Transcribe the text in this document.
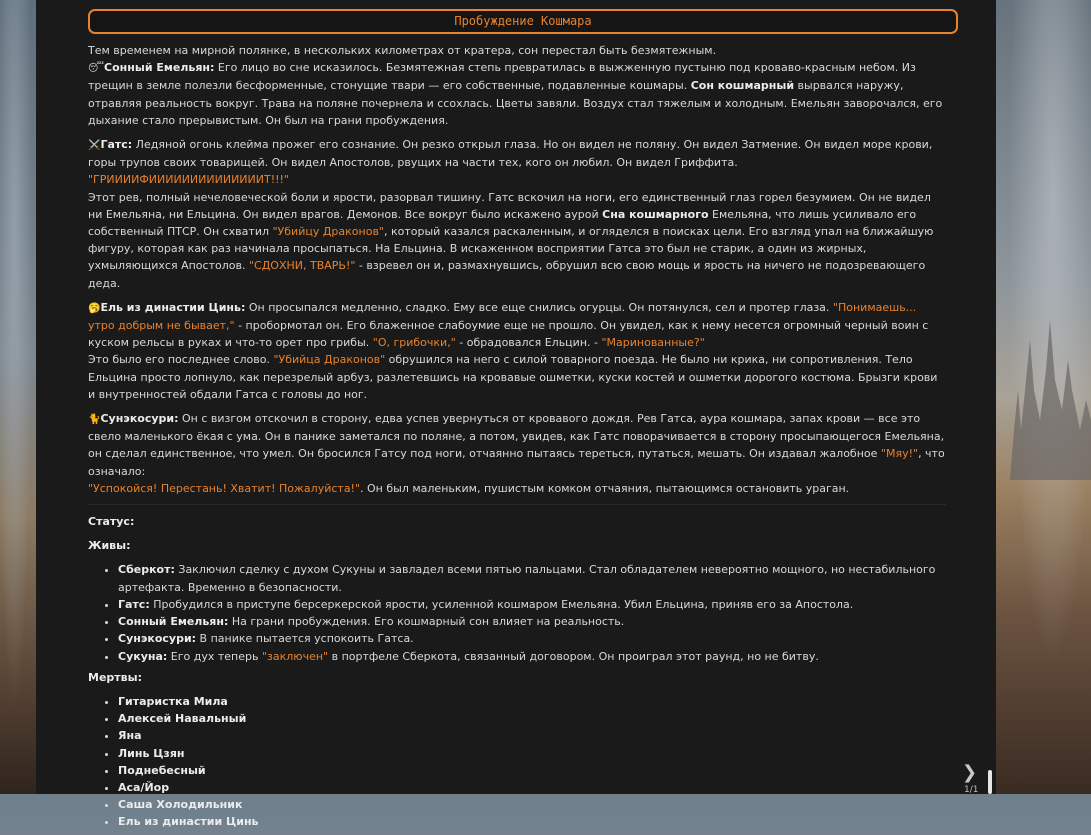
Пробуждение Кошмара

Тем временем на мирной полянке, в нескольких километрах от кратера, сон перестал быть безмятежным.
😴Сонный Емельян: Его лицо во сне исказилось. Безмятежная степь превратилась в выжженную пустыню под кроваво-красным небом. Из трещин в земле полезли бесформенные, стонущие твари — его собственные, подавленные кошмары. Сон кошмарный вырвался наружу, отравляя реальность вокруг. Трава на поляне почернела и ссохлась. Цветы завяли. Воздух стал тяжелым и холодным. Емельян заворочался, его дыхание стало прерывистым. Он был на грани пробуждения.

⚔️Гатс: Ледяной огонь клейма прожег его сознание. Он резко открыл глаза. Но он видел не поляну. Он видел Затмение. Он видел море крови, горы трупов своих товарищей. Он видел Апостолов, рвущих на части тех, кого он любил. Он видел Гриффита.
"ГРИИИИФИИИИИИИИИИИИИИТ!!!"
Этот рев, полный нечеловеческой боли и ярости, разорвал тишину. Гатс вскочил на ноги, его единственный глаз горел безумием. Он не видел ни Емельяна, ни Ельцина. Он видел врагов. Демонов. Все вокруг было искажено аурой Сна кошмарного Емельяна, что лишь усиливало его собственный ПТСР. Он схватил "Убийцу Драконов", который казался раскаленным, и огляделся в поисках цели. Его взгляд упал на ближайшую фигуру, которая как раз начинала просыпаться. На Ельцина. В искаженном восприятии Гатса это был не старик, а один из жирных, ухмыляющихся Апостолов. "СДОХНИ, ТВАРЬ!" - взревел он и, размахнувшись, обрушил всю свою мощь и ярость на ничего не подозревающего деда.

🥱Ель из династии Цинь: Он просыпался медленно, сладко. Ему все еще снились огурцы. Он потянулся, сел и протер глаза. "Понимаешь... утро добрым не бывает," - пробормотал он. Его блаженное слабоумие еще не прошло. Он увидел, как к нему несется огромный черный воин с куском рельсы в руках и что-то орет про грибы. "О, грибочки," - обрадовался Ельцин. - "Маринованные?"
Это было его последнее слово. "Убийца Драконов" обрушился на него с силой товарного поезда. Не было ни крика, ни сопротивления. Тело Ельцина просто лопнуло, как перезрелый арбуз, разлетевшись на кровавые ошметки, куски костей и ошметки дорогого костюма. Брызги крови и внутренностей обдали Гатса с головы до ног.

🐈Сунэкосури: Он с визгом отскочил в сторону, едва успев увернуться от кровавого дождя. Рев Гатса, аура кошмара, запах крови — все это свело маленького ёкая с ума. Он в панике заметался по поляне, а потом, увидев, как Гатс поворачивается в сторону просыпающегося Емельяна, он сделал единственное, что умел. Он бросился Гатсу под ноги, отчаянно пытаясь тереться, путаться, мешать. Он издавал жалобное "Мяу!", что означало:
"Успокойся! Перестань! Хватит! Пожалуйста!". Он был маленьким, пушистым комком отчаяния, пытающимся остановить ураган.

Статус:
Живы:
• Сберкот: Заключил сделку с духом Сукуны и завладел всеми пятью пальцами. Стал обладателем невероятно мощного, но нестабильного артефакта. Временно в безопасности.
• Гатс: Пробудился в приступе берсеркерской ярости, усиленной кошмаром Емельяна. Убил Ельцина, приняв его за Апостола.
• Сонный Емельян: На грани пробуждения. Его кошмарный сон влияет на реальность.
• Сунэкосури: В панике пытается успокоить Гатса.
• Сукуна: Его дух теперь "заключен" в портфеле Сберкота, связанный договором. Он проиграл этот раунд, но не битву.
Мертвы:
• Гитаристка Мила
• Алексей Навальный
• Яна
• Линь Цзян
• Поднебесный
• Аса/Йор
• Саша Холодильник
• Ель из династии Цинь
❯
1/1
